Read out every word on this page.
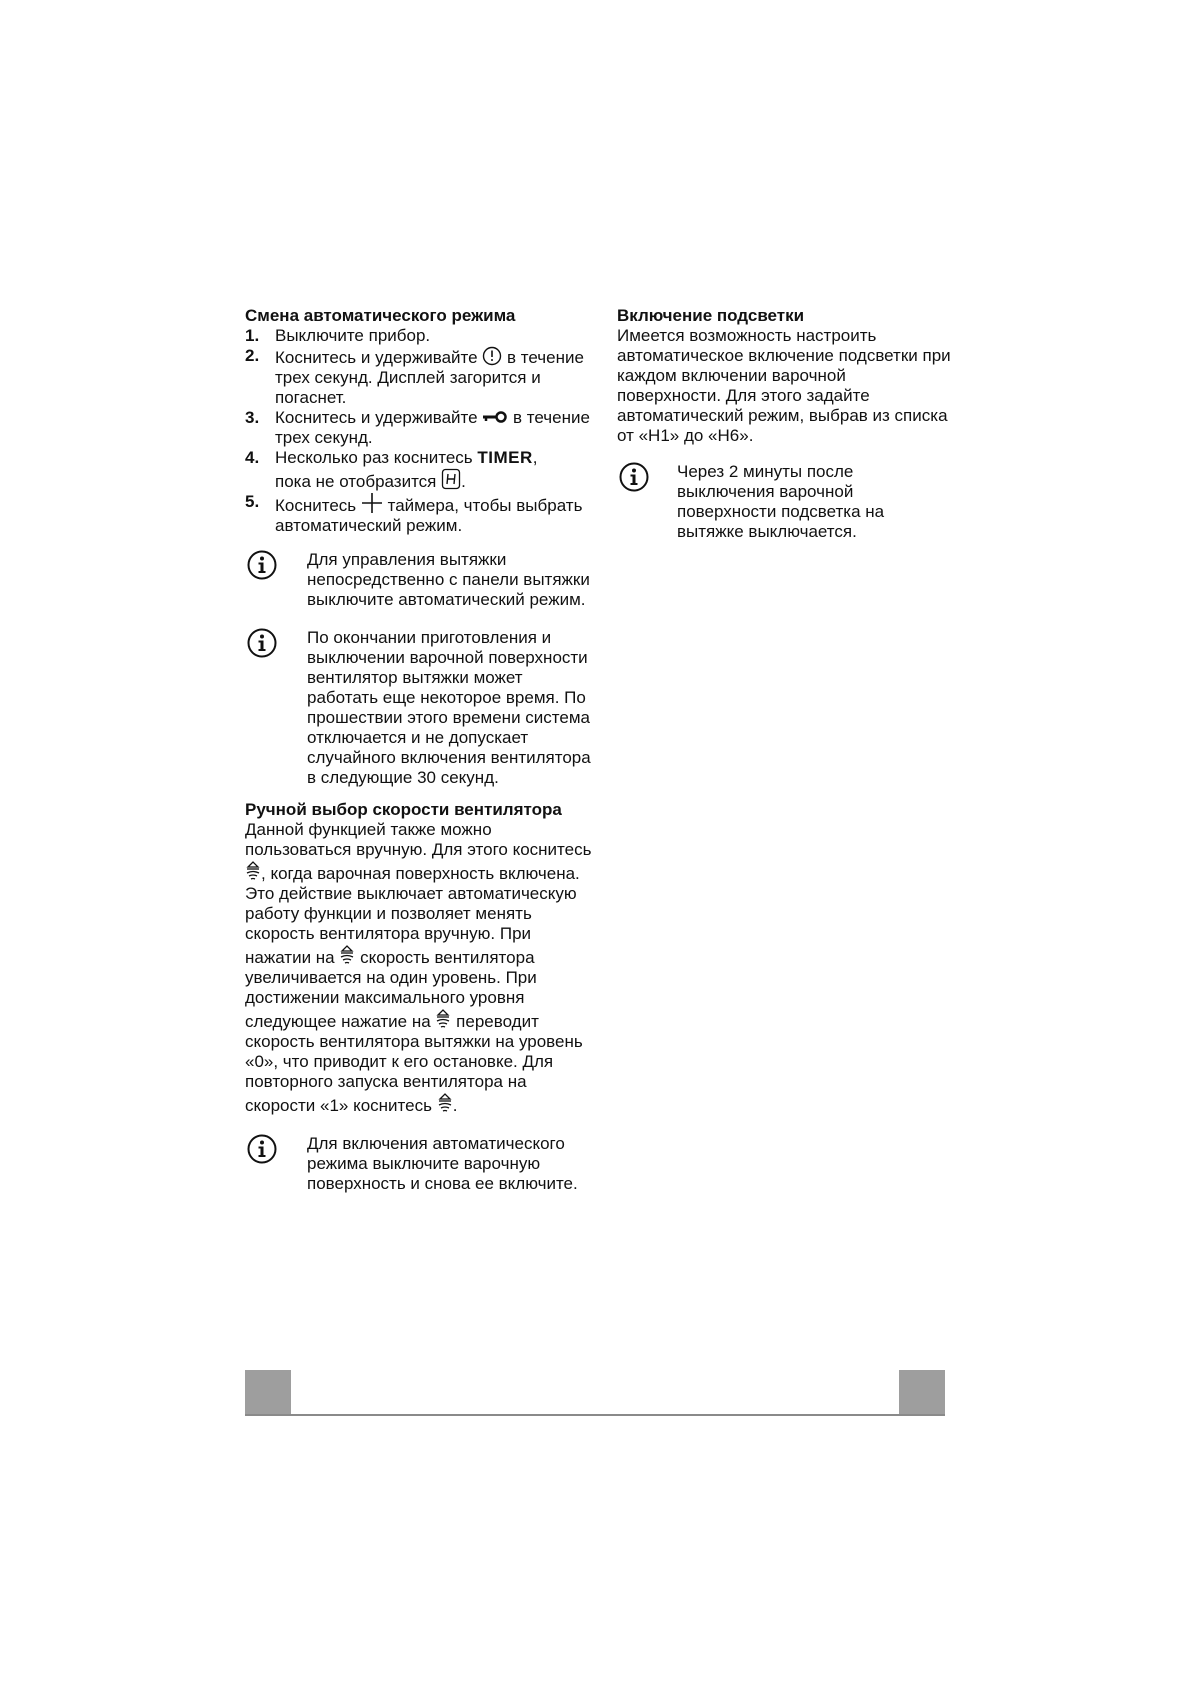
Смена автоматического режима
1. Выключите прибор.
2. Коснитесь и удерживайте в течение трех секунд. Дисплей загорится и погаснет.
3. Коснитесь и удерживайте в течение трех секунд.
4. Несколько раз коснитесь TIMER,
пока не отобразится .
5. Коснитесь таймера, чтобы выбрать автоматический режим.

Для управления вытяжки непосредственно с панели вытяжки выключите автоматический режим.

По окончании приготовления и выключении варочной поверхности вентилятор вытяжки может работать еще некоторое время. По прошествии этого времени система отключается и не допускает случайного включения вентилятора в следующие 30 секунд.

Ручной выбор скорости вентилятора

Данной функцией также можно пользоваться вручную. Для этого коснитесь , когда варочная поверхность включена. Это действие выключает автоматическую работу функции и позволяет менять скорость вентилятора вручную. При нажатии на скорость вентилятора увеличивается на один уровень. При достижении максимального уровня следующее нажатие на переводит скорость вентилятора вытяжки на уровень «0», что приводит к его остановке. Для повторного запуска вентилятора на скорости «1» коснитесь .

Для включения автоматического режима выключите варочную поверхность и снова ее включите.

Включение подсветки

Имеется возможность настроить автоматическое включение подсветки при каждом включении варочной поверхности. Для этого задайте автоматический режим, выбрав из списка от «H1» до «H6».

Через 2 минуты после выключения варочной поверхности подсветка на вытяжке выключается.
